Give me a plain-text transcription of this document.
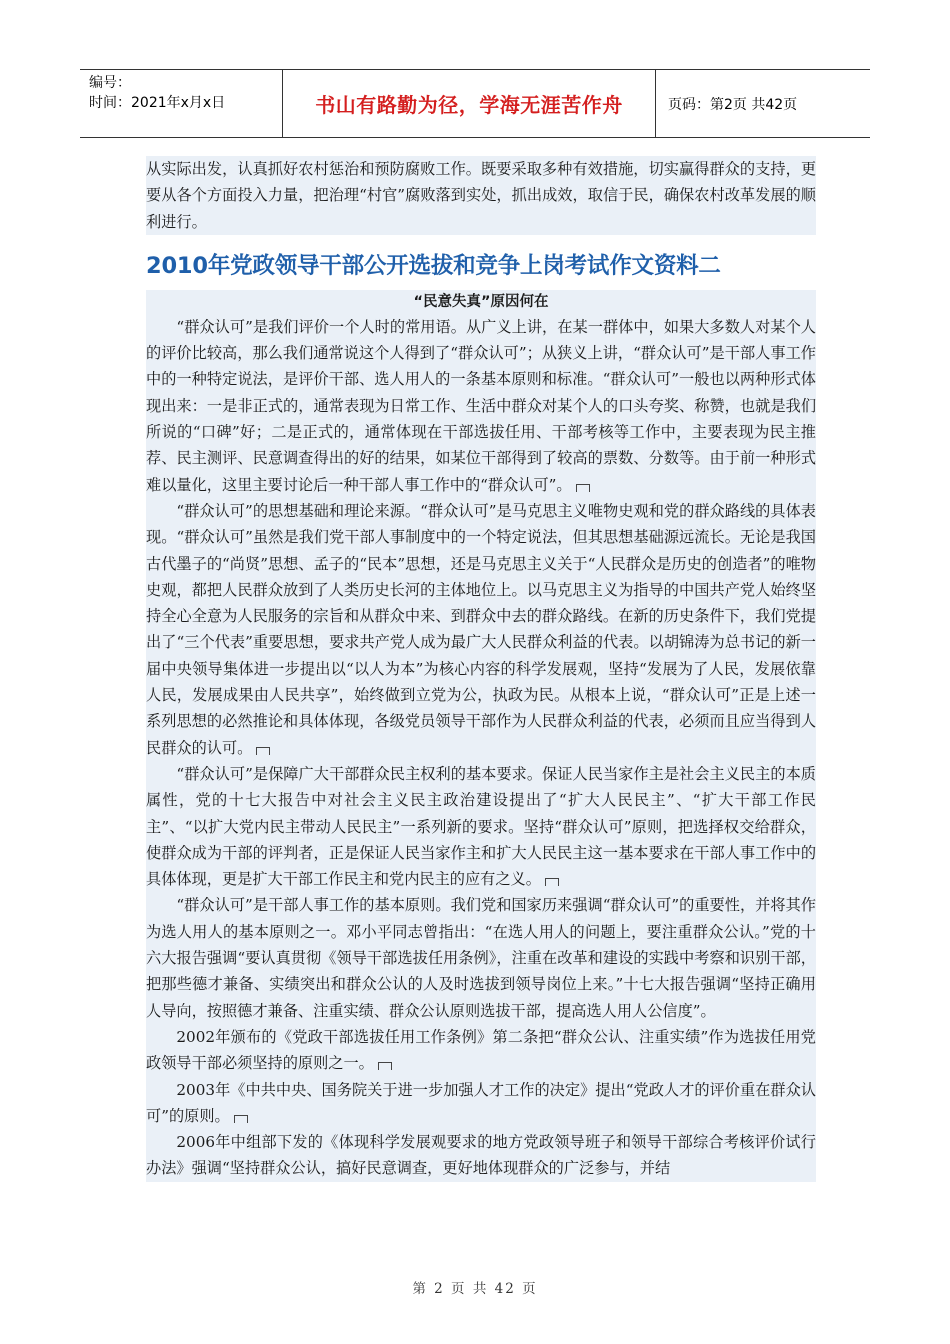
编号：
时间：2021年x月x日	书山有路勤为径，学海无涯苦作舟	页码：第2页 共42页

从实际出发，认真抓好农村惩治和预防腐败工作。既要采取多种有效措施，切实赢得群众的支持，更要从各个方面投入力量，把治理“村官”腐败落到实处，抓出成效，取信于民，确保农村改革发展的顺利进行。

2010年党政领导干部公开选拔和竞争上岗考试作文资料二
“民意失真”原因何在

“群众认可”是我们评价一个人时的常用语。从广义上讲，在某一群体中，如果大多数人对某个人的评价比较高，那么我们通常说这个人得到了“群众认可”；从狭义上讲，“群众认可”是干部人事工作中的一种特定说法，是评价干部、选人用人的一条基本原则和标准。“群众认可”一般也以两种形式体现出来：一是非正式的，通常表现为日常工作、生活中群众对某个人的口头夸奖、称赞，也就是我们所说的“口碑”好；二是正式的，通常体现在干部选拔任用、干部考核等工作中，主要表现为民主推荐、民主测评、民意调查得出的好的结果，如某位干部得到了较高的票数、分数等。由于前一种形式难以量化，这里主要讨论后一种干部人事工作中的“群众认可”。

“群众认可”的思想基础和理论来源。“群众认可”是马克思主义唯物史观和党的群众路线的具体表现。“群众认可”虽然是我们党干部人事制度中的一个特定说法，但其思想基础源远流长。无论是我国古代墨子的“尚贤”思想、孟子的“民本”思想，还是马克思主义关于“人民群众是历史的创造者”的唯物史观，都把人民群众放到了人类历史长河的主体地位上。以马克思主义为指导的中国共产党人始终坚持全心全意为人民服务的宗旨和从群众中来、到群众中去的群众路线。在新的历史条件下，我们党提出了“三个代表”重要思想，要求共产党人成为最广大人民群众利益的代表。以胡锦涛为总书记的新一届中央领导集体进一步提出以“以人为本”为核心内容的科学发展观，坚持“发展为了人民，发展依靠人民，发展成果由人民共享”，始终做到立党为公，执政为民。从根本上说，“群众认可”正是上述一系列思想的必然推论和具体体现，各级党员领导干部作为人民群众利益的代表，必须而且应当得到人民群众的认可。

“群众认可”是保障广大干部群众民主权利的基本要求。保证人民当家作主是社会主义民主的本质属性，党的十七大报告中对社会主义民主政治建设提出了“扩大人民民主”、“扩大干部工作民主”、“以扩大党内民主带动人民民主”一系列新的要求。坚持“群众认可”原则，把选择权交给群众，使群众成为干部的评判者，正是保证人民当家作主和扩大人民民主这一基本要求在干部人事工作中的具体体现，更是扩大干部工作民主和党内民主的应有之义。

“群众认可”是干部人事工作的基本原则。我们党和国家历来强调“群众认可”的重要性，并将其作为选人用人的基本原则之一。邓小平同志曾指出：“在选人用人的问题上，要注重群众公认。”党的十六大报告强调“要认真贯彻《领导干部选拔任用条例》，注重在改革和建设的实践中考察和识别干部，把那些德才兼备、实绩突出和群众公认的人及时选拔到领导岗位上来。”十七大报告强调“坚持正确用人导向，按照德才兼备、注重实绩、群众公认原则选拔干部，提高选人用人公信度”。

2002年颁布的《党政干部选拔任用工作条例》第二条把“群众公认、注重实绩”作为选拔任用党政领导干部必须坚持的原则之一。

2003年《中共中央、国务院关于进一步加强人才工作的决定》提出“党政人才的评价重在群众认可”的原则。

2006年中组部下发的《体现科学发展观要求的地方党政领导班子和领导干部综合考核评价试行办法》强调“坚持群众公认，搞好民意调查，更好地体现群众的广泛参与，并结

第 2 页 共 42 页
